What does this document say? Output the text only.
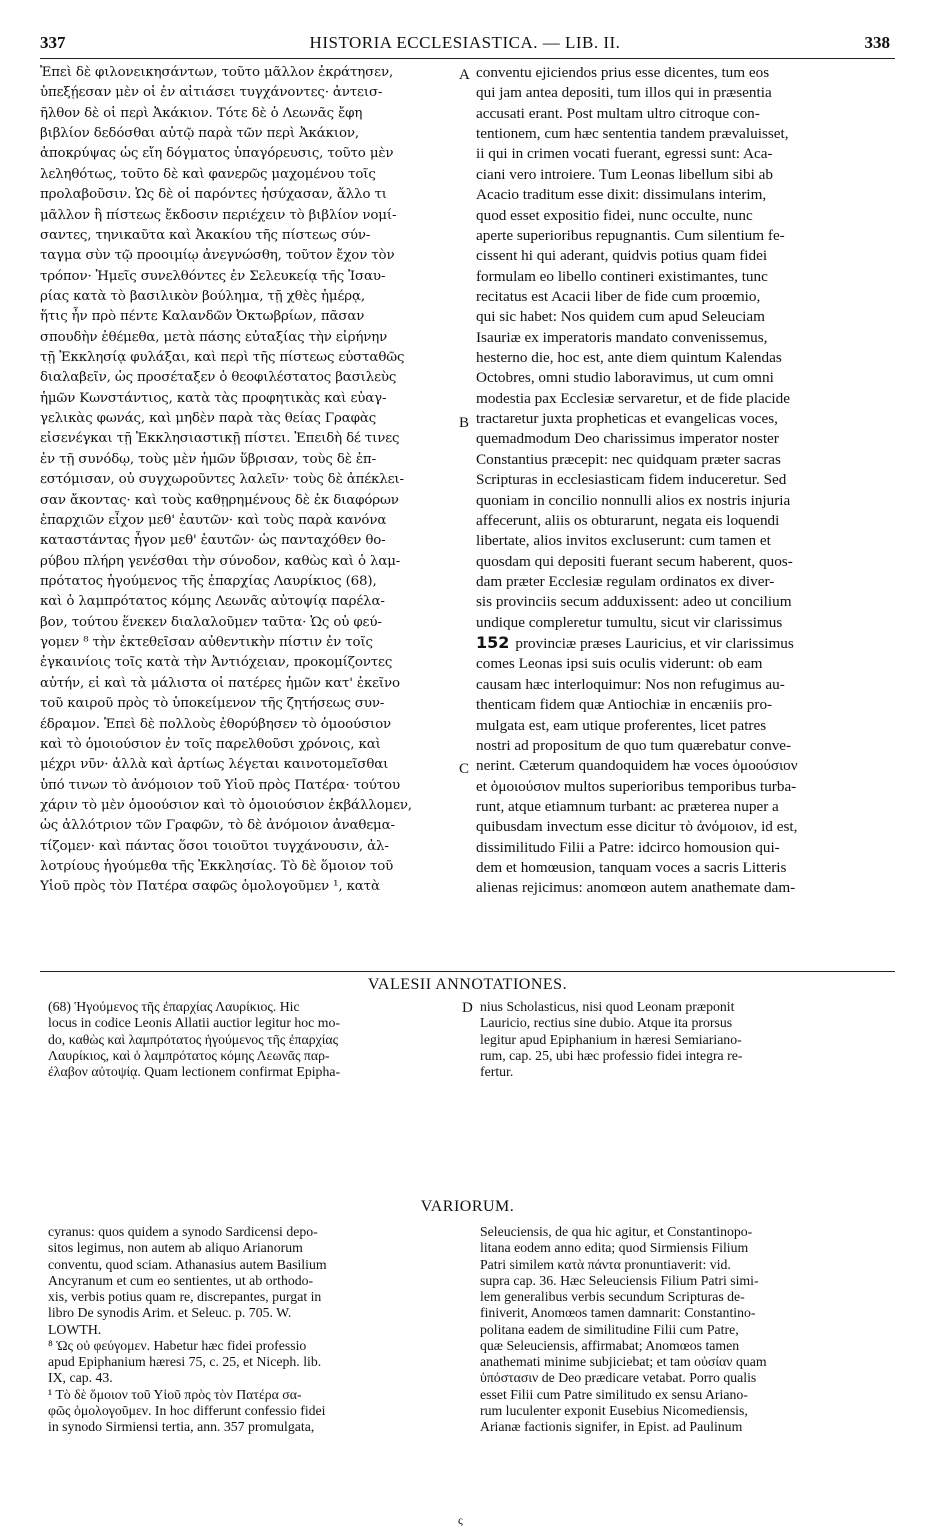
337	HISTORIA ECCLESIASTICA. — LIB. II.	338
Ἐπεὶ δὲ φιλονεικησάντων, τοῦτο μᾶλλον ἐκράτησεν,
ὑπεξῄεσαν μὲν οἱ ἐν αἰτιάσει τυγχάνοντες· ἀντεισ-
ῆλθον δὲ οἱ περὶ Ἀκάκιον. Τότε δὲ ὁ Λεωνᾶς ἔφη
βιβλίον δεδόσθαι αὐτῷ παρὰ τῶν περὶ Ἀκάκιον,
ἀποκρύψας ὡς εἴη δόγματος ὑπαγόρευσις, τοῦτο μὲν
λεληθότως, τοῦτο δὲ καὶ φανερῶς μαχομένου τοῖς
προλαβοῦσιν. Ὡς δὲ οἱ παρόντες ἡσύχασαν, ἄλλο τι
μᾶλλον ἢ πίστεως ἔκδοσιν περιέχειν τὸ βιβλίον νομί-
σαντες, τηνικαῦτα καὶ Ἀκακίου τῆς πίστεως σύν-
ταγμα σὺν τῷ προοιμίῳ ἀνεγνώσθη, τοῦτον ἔχον τὸν
τρόπον· Ἡμεῖς συνελθόντες ἐν Σελευκείᾳ τῆς Ἰσαυ-
ρίας κατὰ τὸ βασιλικὸν βούλημα, τῇ χθὲς ἡμέρᾳ,
ἥτις ἦν πρὸ πέντε Καλανδῶν Ὀκτωβρίων, πᾶσαν
σπουδὴν ἐθέμεθα, μετὰ πάσης εὐταξίας τὴν εἰρήνην
τῇ Ἐκκλησίᾳ φυλάξαι, καὶ περὶ τῆς πίστεως εὐσταθῶς
διαλαβεῖν, ὡς προσέταξεν ὁ θεοφιλέστατος βασιλεὺς
ἡμῶν Κωνστάντιος, κατὰ τὰς προφητικὰς καὶ εὐαγ-
γελικὰς φωνάς, καὶ μηδὲν παρὰ τὰς θείας Γραφὰς
εἰσενέγκαι τῇ Ἐκκλησιαστικῇ πίστει. Ἐπειδὴ δέ τινες
ἐν τῇ συνόδῳ, τοὺς μὲν ἡμῶν ὕβρισαν, τοὺς δὲ ἐπ-
εστόμισαν, οὐ συγχωροῦντες λαλεῖν· τοὺς δὲ ἀπέκλει-
σαν ἄκοντας· καὶ τοὺς καθῃρημένους δὲ ἐκ διαφόρων
ἐπαρχιῶν εἶχον μεθ' ἑαυτῶν· καὶ τοὺς παρὰ κανόνα
καταστάντας ἦγον μεθ' ἑαυτῶν· ὡς πανταχόθεν θο-
ρύβου πλήρη γενέσθαι τὴν σύνοδον, καθὼς καὶ ὁ λαμ-
πρότατος ἡγούμενος τῆς ἐπαρχίας Λαυρίκιος (68),
καὶ ὁ λαμπρότατος κόμης Λεωνᾶς αὐτοψίᾳ παρέλα-
βον, τούτου ἕνεκεν διαλαλοῦμεν ταῦτα· Ὡς οὐ φεύ-
γομεν ⁸ τὴν ἐκτεθεῖσαν αὐθεντικὴν πίστιν ἐν τοῖς
ἐγκαινίοις τοῖς κατὰ τὴν Ἀντιόχειαν, προκομίζοντες
αὐτήν, εἰ καὶ τὰ μάλιστα οἱ πατέρες ἡμῶν κατ' ἐκεῖνο
τοῦ καιροῦ πρὸς τὸ ὑποκείμενον τῆς ζητήσεως συν-
έδραμον. Ἐπεὶ δὲ πολλοὺς ἐθορύβησεν τὸ ὁμοούσιον
καὶ τὸ ὁμοιούσιον ἐν τοῖς παρελθοῦσι χρόνοις, καὶ
μέχρι νῦν· ἀλλὰ καὶ ἀρτίως λέγεται καινοτομεῖσθαι
ὑπό τινων τὸ ἀνόμοιον τοῦ Υἱοῦ πρὸς Πατέρα· τούτου
χάριν τὸ μὲν ὁμοούσιον καὶ τὸ ὁμοιούσιον ἐκβάλλομεν,
ὡς ἀλλότριον τῶν Γραφῶν, τὸ δὲ ἀνόμοιον ἀναθεμα-
τίζομεν· καὶ πάντας ὅσοι τοιοῦτοι τυγχάνουσιν, ἀλ-
λοτρίους ἡγούμεθα τῆς Ἐκκλησίας. Τὸ δὲ ὅμοιον τοῦ
Υἱοῦ πρὸς τὸν Πατέρα σαφῶς ὁμολογοῦμεν ¹, κατὰ
conventu ejiciendos prius esse dicentes, tum eos
qui jam antea depositi, tum illos qui in præsentia
accusati erant. Post multam ultro citroque con-
tentionem, cum hæc sententia tandem prævaluisset,
ii qui in crimen vocati fuerant, egressi sunt: Aca-
ciani vero introiere. Tum Leonas libellum sibi ab
Acacio traditum esse dixit: dissimulans interim,
quod esset expositio fidei, nunc occulte, nunc
aperte superioribus repugnantis. Cum silentium fe-
cissent hi qui aderant, quidvis potius quam fidei
formulam eo libello contineri existimantes, tunc
recitatus est Acacii liber de fide cum proœmio,
qui sic habet: Nos quidem cum apud Seleuciam
Isauriæ ex imperatoris mandato convenissemus,
hesterno die, hoc est, ante diem quintum Kalendas
Octobres, omni studio laboravimus, ut cum omni
modestia pax Ecclesiæ servaretur, et de fide placide
tractaretur juxta propheticas et evangelicas voces,
quemadmodum Deo charissimus imperator noster
Constantius præcepit: nec quidquam præter sacras
Scripturas in ecclesiasticam fidem induceretur. Sed
quoniam in concilio nonnulli alios ex nostris injuria
affecerunt, aliis os obturarunt, negata eis loquendi
libertate, alios invitos excluserunt: cum tamen et
quosdam qui depositi fuerant secum haberent, quos-
dam præter Ecclesiæ regulam ordinatos ex diver-
sis provinciis secum adduxissent: adeo ut concilium
undique compleretur tumultu, sicut vir clarissimus
152 provinciæ præses Lauricius, et vir clarissimus
comes Leonas ipsi suis oculis viderunt: ob eam
causam hæc interloquimur: Nos non refugimus au-
thenticam fidem quæ Antiochiæ in encæniis pro-
mulgata est, eam utique proferentes, licet patres
nostri ad propositum de quo tum quærebatur conve-
nerint. Cæterum quandoquidem hæ voces ὁμοούσιον
et ὁμοιούσιον multos superioribus temporibus turba-
runt, atque etiamnum turbant: ac præterea nuper a
quibusdam invectum esse dicitur τὸ ἀνόμοιον, id est,
dissimilitudo Filii a Patre: idcirco homousion qui-
dem et homœusion, tanquam voces a sacris Litteris
alienas rejicimus: anomœon autem anathemate dam-
A
B
C
D
VALESII ANNOTATIONES.
(68) Ἡγούμενος τῆς ἐπαρχίας Λαυρίκιος. Hic
locus in codice Leonis Allatii auctior legitur hoc mo-
do, καθὼς καὶ λαμπρότατος ἡγούμενος τῆς ἐπαρχίας
Λαυρίκιος, καὶ ὁ λαμπρότατος κόμης Λεωνᾶς παρ-
έλαβον αὐτοψίᾳ. Quam lectionem confirmat Epipha-
nius Scholasticus, nisi quod Leonam præponit
Lauricio, rectius sine dubio. Atque ita prorsus
legitur apud Epiphanium in hæresi Semiariano-
rum, cap. 25, ubi hæc professio fidei integra re-
fertur.
VARIORUM.
cyranus: quos quidem a synodo Sardicensi depo-
sitos legimus, non autem ab aliquo Arianorum
conventu, quod sciam. Athanasius autem Basilium
Ancyranum et cum eo sentientes, ut ab orthodo-
xis, verbis potius quam re, discrepantes, purgat in
libro De synodis Arim. et Seleuc. p. 705. W.
LOWTH.
⁸ Ὡς οὐ φεύγομεν. Habetur hæc fidei professio
apud Epiphanium hæresi 75, c. 25, et Niceph. lib.
IX, cap. 43.
¹ Τὸ δὲ ὅμοιον τοῦ Υἱοῦ πρὸς τὸν Πατέρα σα-
φῶς ὁμολογοῦμεν. In hoc differunt confessio fidei
in synodo Sirmiensi tertia, ann. 357 promulgata,
Seleuciensis, de qua hic agitur, et Constantinopo-
litana eodem anno edita; quod Sirmiensis Filium
Patri similem κατὰ πάντα pronuntiaverit: vid.
supra cap. 36. Hæc Seleuciensis Filium Patri simi-
lem generalibus verbis secundum Scripturas de-
finiverit, Anomœos tamen damnarit: Constantino-
politana eadem de similitudine Filii cum Patre,
quæ Seleuciensis, affirmabat; Anomœos tamen
anathemati minime subjiciebat; et tam οὐσίαν quam
ὑπόστασιν de Deo prædicare vetabat. Porro qualis
esset Filii cum Patre similitudo ex sensu Ariano-
rum luculenter exponit Eusebius Nicomediensis,
Arianæ factionis signifer, in Epist. ad Paulinum
ς
